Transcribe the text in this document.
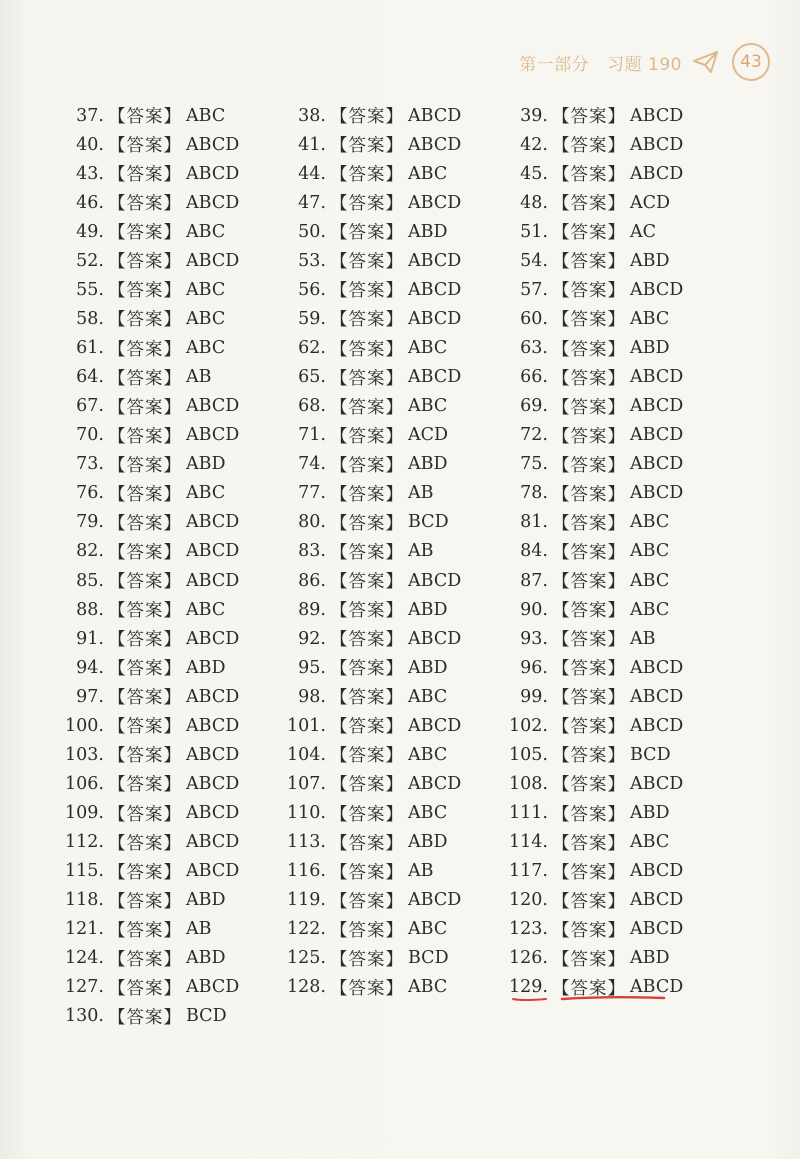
第一部分 习题 190	43
37. 【答案】 ABC	38. 【答案】 ABCD	39. 【答案】 ABCD
40. 【答案】 ABCD	41. 【答案】 ABCD	42. 【答案】 ABCD
43. 【答案】 ABCD	44. 【答案】 ABC	45. 【答案】 ABCD
46. 【答案】 ABCD	47. 【答案】 ABCD	48. 【答案】 ACD
49. 【答案】 ABC	50. 【答案】 ABD	51. 【答案】 AC
52. 【答案】 ABCD	53. 【答案】 ABCD	54. 【答案】 ABD
55. 【答案】 ABC	56. 【答案】 ABCD	57. 【答案】 ABCD
58. 【答案】 ABC	59. 【答案】 ABCD	60. 【答案】 ABC
61. 【答案】 ABC	62. 【答案】 ABC	63. 【答案】 ABD
64. 【答案】 AB	65. 【答案】 ABCD	66. 【答案】 ABCD
67. 【答案】 ABCD	68. 【答案】 ABC	69. 【答案】 ABCD
70. 【答案】 ABCD	71. 【答案】 ACD	72. 【答案】 ABCD
73. 【答案】 ABD	74. 【答案】 ABD	75. 【答案】 ABCD
76. 【答案】 ABC	77. 【答案】 AB	78. 【答案】 ABCD
79. 【答案】 ABCD	80. 【答案】 BCD	81. 【答案】 ABC
82. 【答案】 ABCD	83. 【答案】 AB	84. 【答案】 ABC
85. 【答案】 ABCD	86. 【答案】 ABCD	87. 【答案】 ABC
88. 【答案】 ABC	89. 【答案】 ABD	90. 【答案】 ABC
91. 【答案】 ABCD	92. 【答案】 ABCD	93. 【答案】 AB
94. 【答案】 ABD	95. 【答案】 ABD	96. 【答案】 ABCD
97. 【答案】 ABCD	98. 【答案】 ABC	99. 【答案】 ABCD
100. 【答案】 ABCD	101. 【答案】 ABCD	102. 【答案】 ABCD
103. 【答案】 ABCD	104. 【答案】 ABC	105. 【答案】 BCD
106. 【答案】 ABCD	107. 【答案】 ABCD	108. 【答案】 ABCD
109. 【答案】 ABCD	110. 【答案】 ABC	111. 【答案】 ABD
112. 【答案】 ABCD	113. 【答案】 ABD	114. 【答案】 ABC
115. 【答案】 ABCD	116. 【答案】 AB	117. 【答案】 ABCD
118. 【答案】 ABD	119. 【答案】 ABCD	120. 【答案】 ABCD
121. 【答案】 AB	122. 【答案】 ABC	123. 【答案】 ABCD
124. 【答案】 ABD	125. 【答案】 BCD	126. 【答案】 ABD
127. 【答案】 ABCD	128. 【答案】 ABC	129. 【答案】 ABCD
130. 【答案】 BCD
